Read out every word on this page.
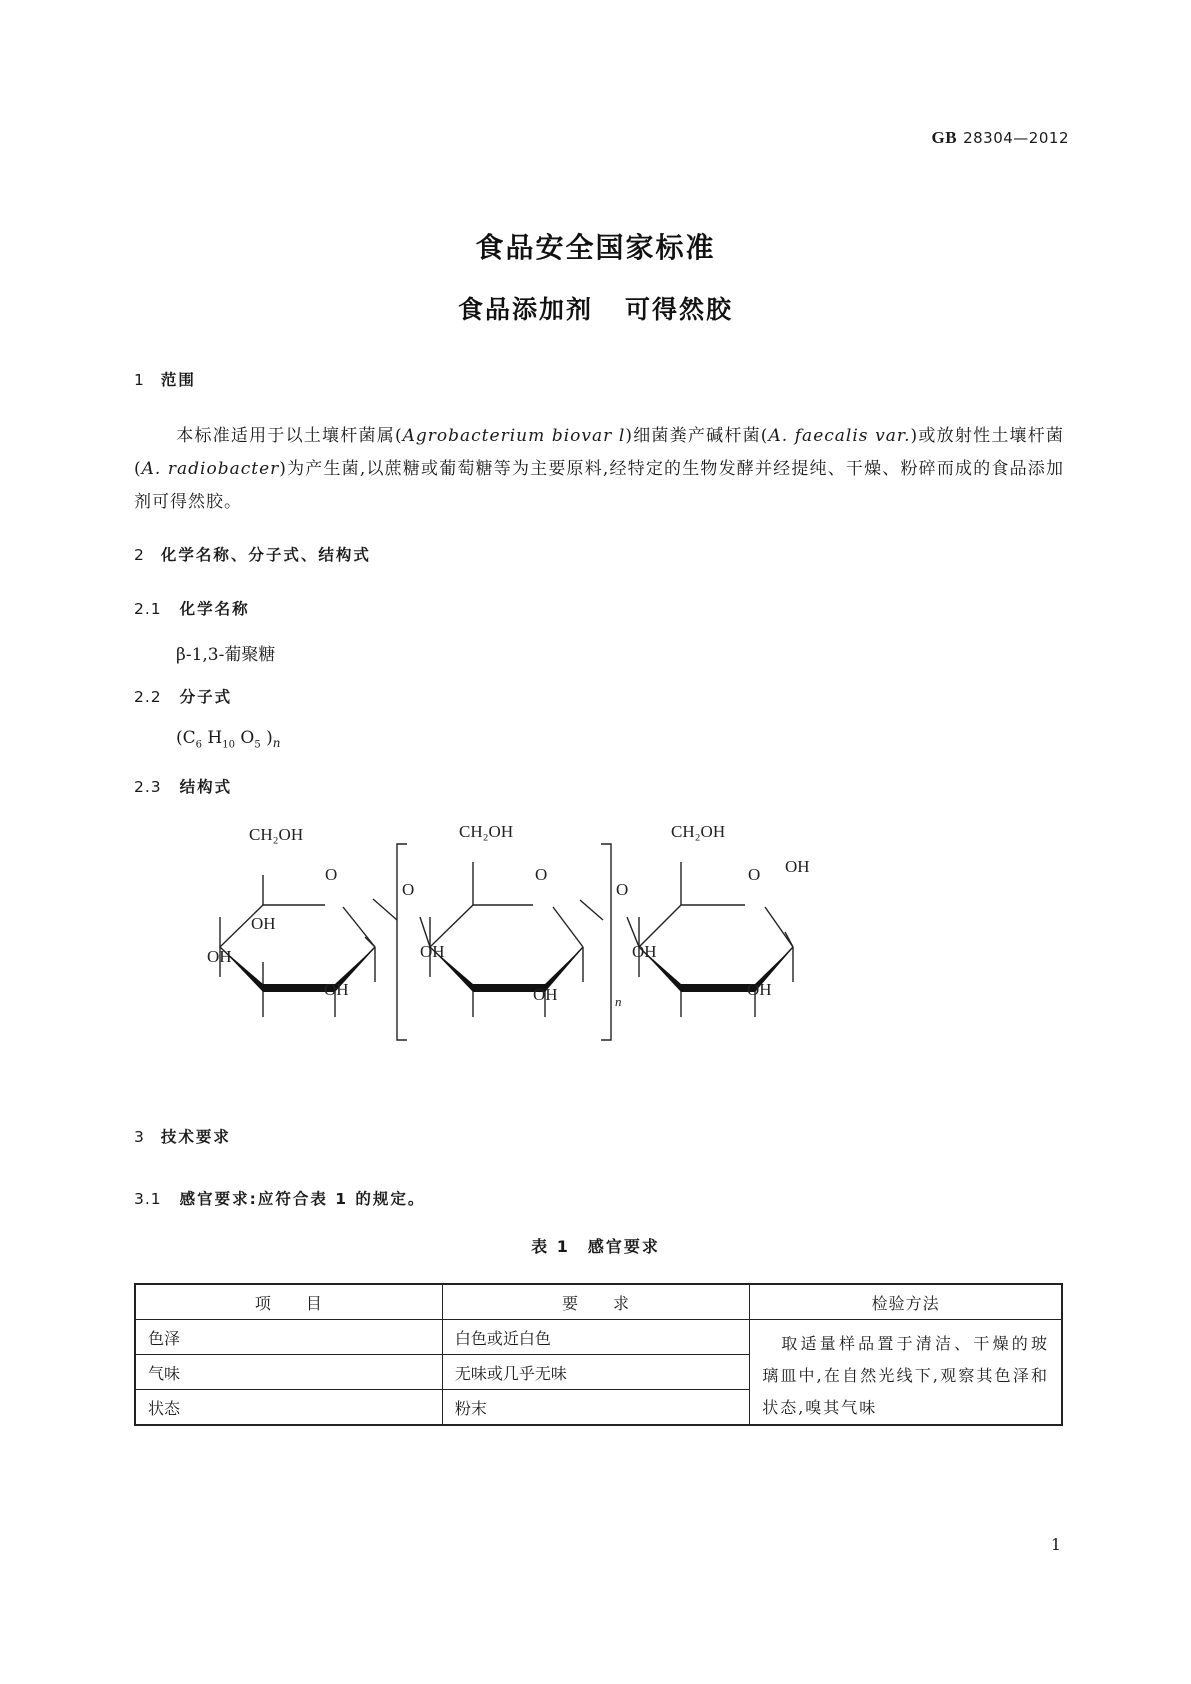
GB 28304—2012
食品安全国家标准
食品添加剂 可得然胶
1 范围
本标准适用于以土壤杆菌属(Agrobacterium biovar l)细菌粪产碱杆菌(A. faecalis var.)或放射性土壤杆菌(A. radiobacter)为产生菌,以蔗糖或葡萄糖等为主要原料,经特定的生物发酵并经提纯、干燥、粉碎而成的食品添加剂可得然胶。
2 化学名称、分子式、结构式
2.1 化学名称
β-1,3-葡聚糖
2.2 分子式
($C_6$ $H_{10}$ $O_5$ )$_n$
2.3 结构式
CH₂OH
O
OH
OH
OH
O
CH₂OH
O
OH
OH	n
O
CH₂OH
O OH
OH
OH
3 技术要求
3.1 感官要求:应符合表 1 的规定。
表 1 感官要求
项　　目	要　　求	检验方法
色泽	白色或近白色	取适量样品置于清洁、干燥的玻璃皿中,在自然光线下,观察其色泽和状态,嗅其气味
气味	无味或几乎无味	
状态	粉末	
1
